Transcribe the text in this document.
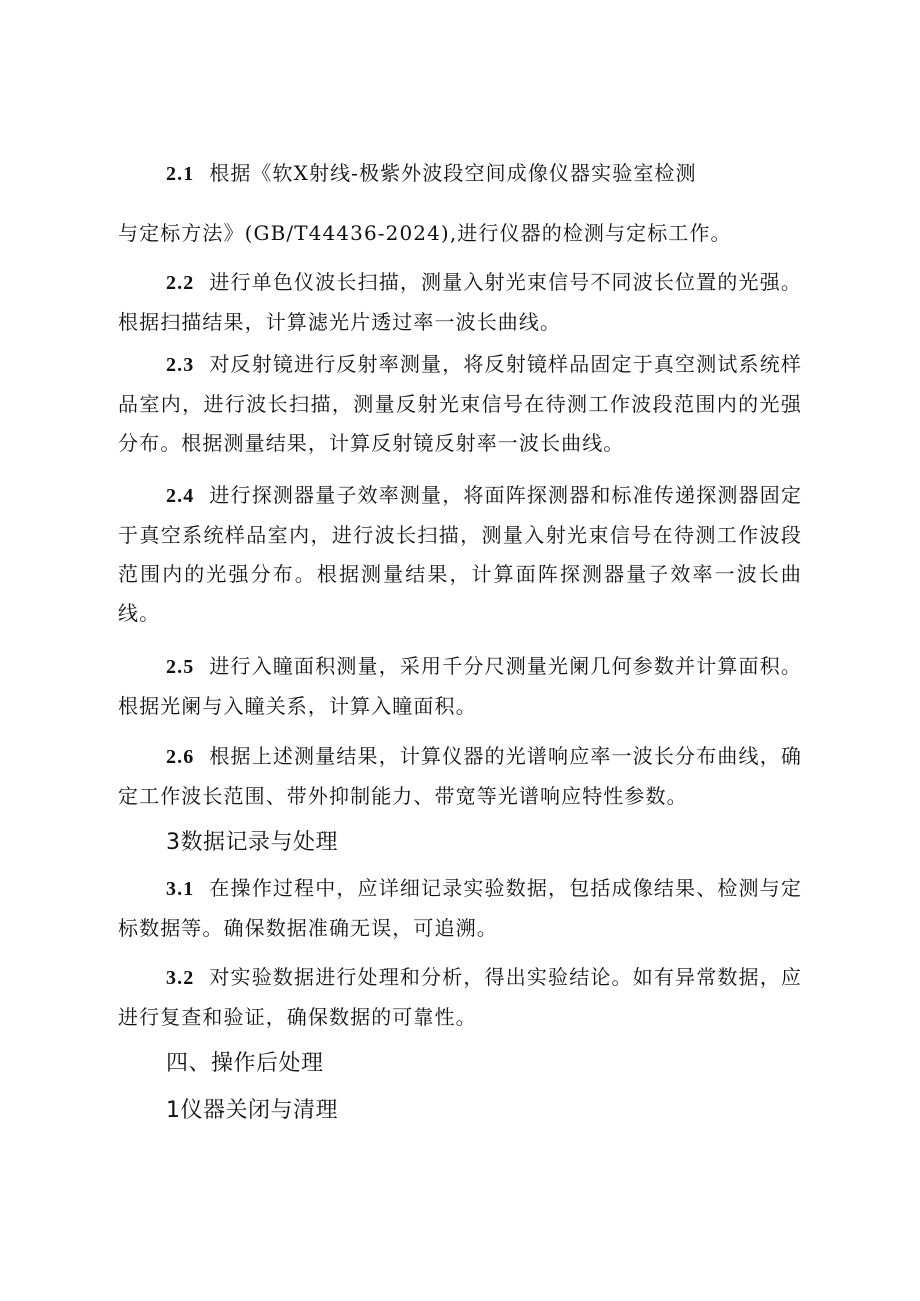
2.1 根据《软X射线-极紫外波段空间成像仪器实验室检测

与定标方法》(GB/T44436-2024),进行仪器的检测与定标工作。

2.2 进行单色仪波长扫描，测量入射光束信号不同波长位置的光强。根据扫描结果，计算滤光片透过率一波长曲线。

2.3 对反射镜进行反射率测量，将反射镜样品固定于真空测试系统样品室内，进行波长扫描，测量反射光束信号在待测工作波段范围内的光强分布。根据测量结果，计算反射镜反射率一波长曲线。

2.4 进行探测器量子效率测量，将面阵探测器和标准传递探测器固定于真空系统样品室内，进行波长扫描，测量入射光束信号在待测工作波段范围内的光强分布。根据测量结果，计算面阵探测器量子效率一波长曲线。

2.5 进行入瞳面积测量，采用千分尺测量光阑几何参数并计算面积。根据光阑与入瞳关系，计算入瞳面积。

2.6 根据上述测量结果，计算仪器的光谱响应率一波长分布曲线，确定工作波长范围、带外抑制能力、带宽等光谱响应特性参数。

3数据记录与处理

3.1 在操作过程中，应详细记录实验数据，包括成像结果、检测与定标数据等。确保数据准确无误，可追溯。

3.2 对实验数据进行处理和分析，得出实验结论。如有异常数据，应进行复查和验证，确保数据的可靠性。

四、操作后处理
1仪器关闭与清理
